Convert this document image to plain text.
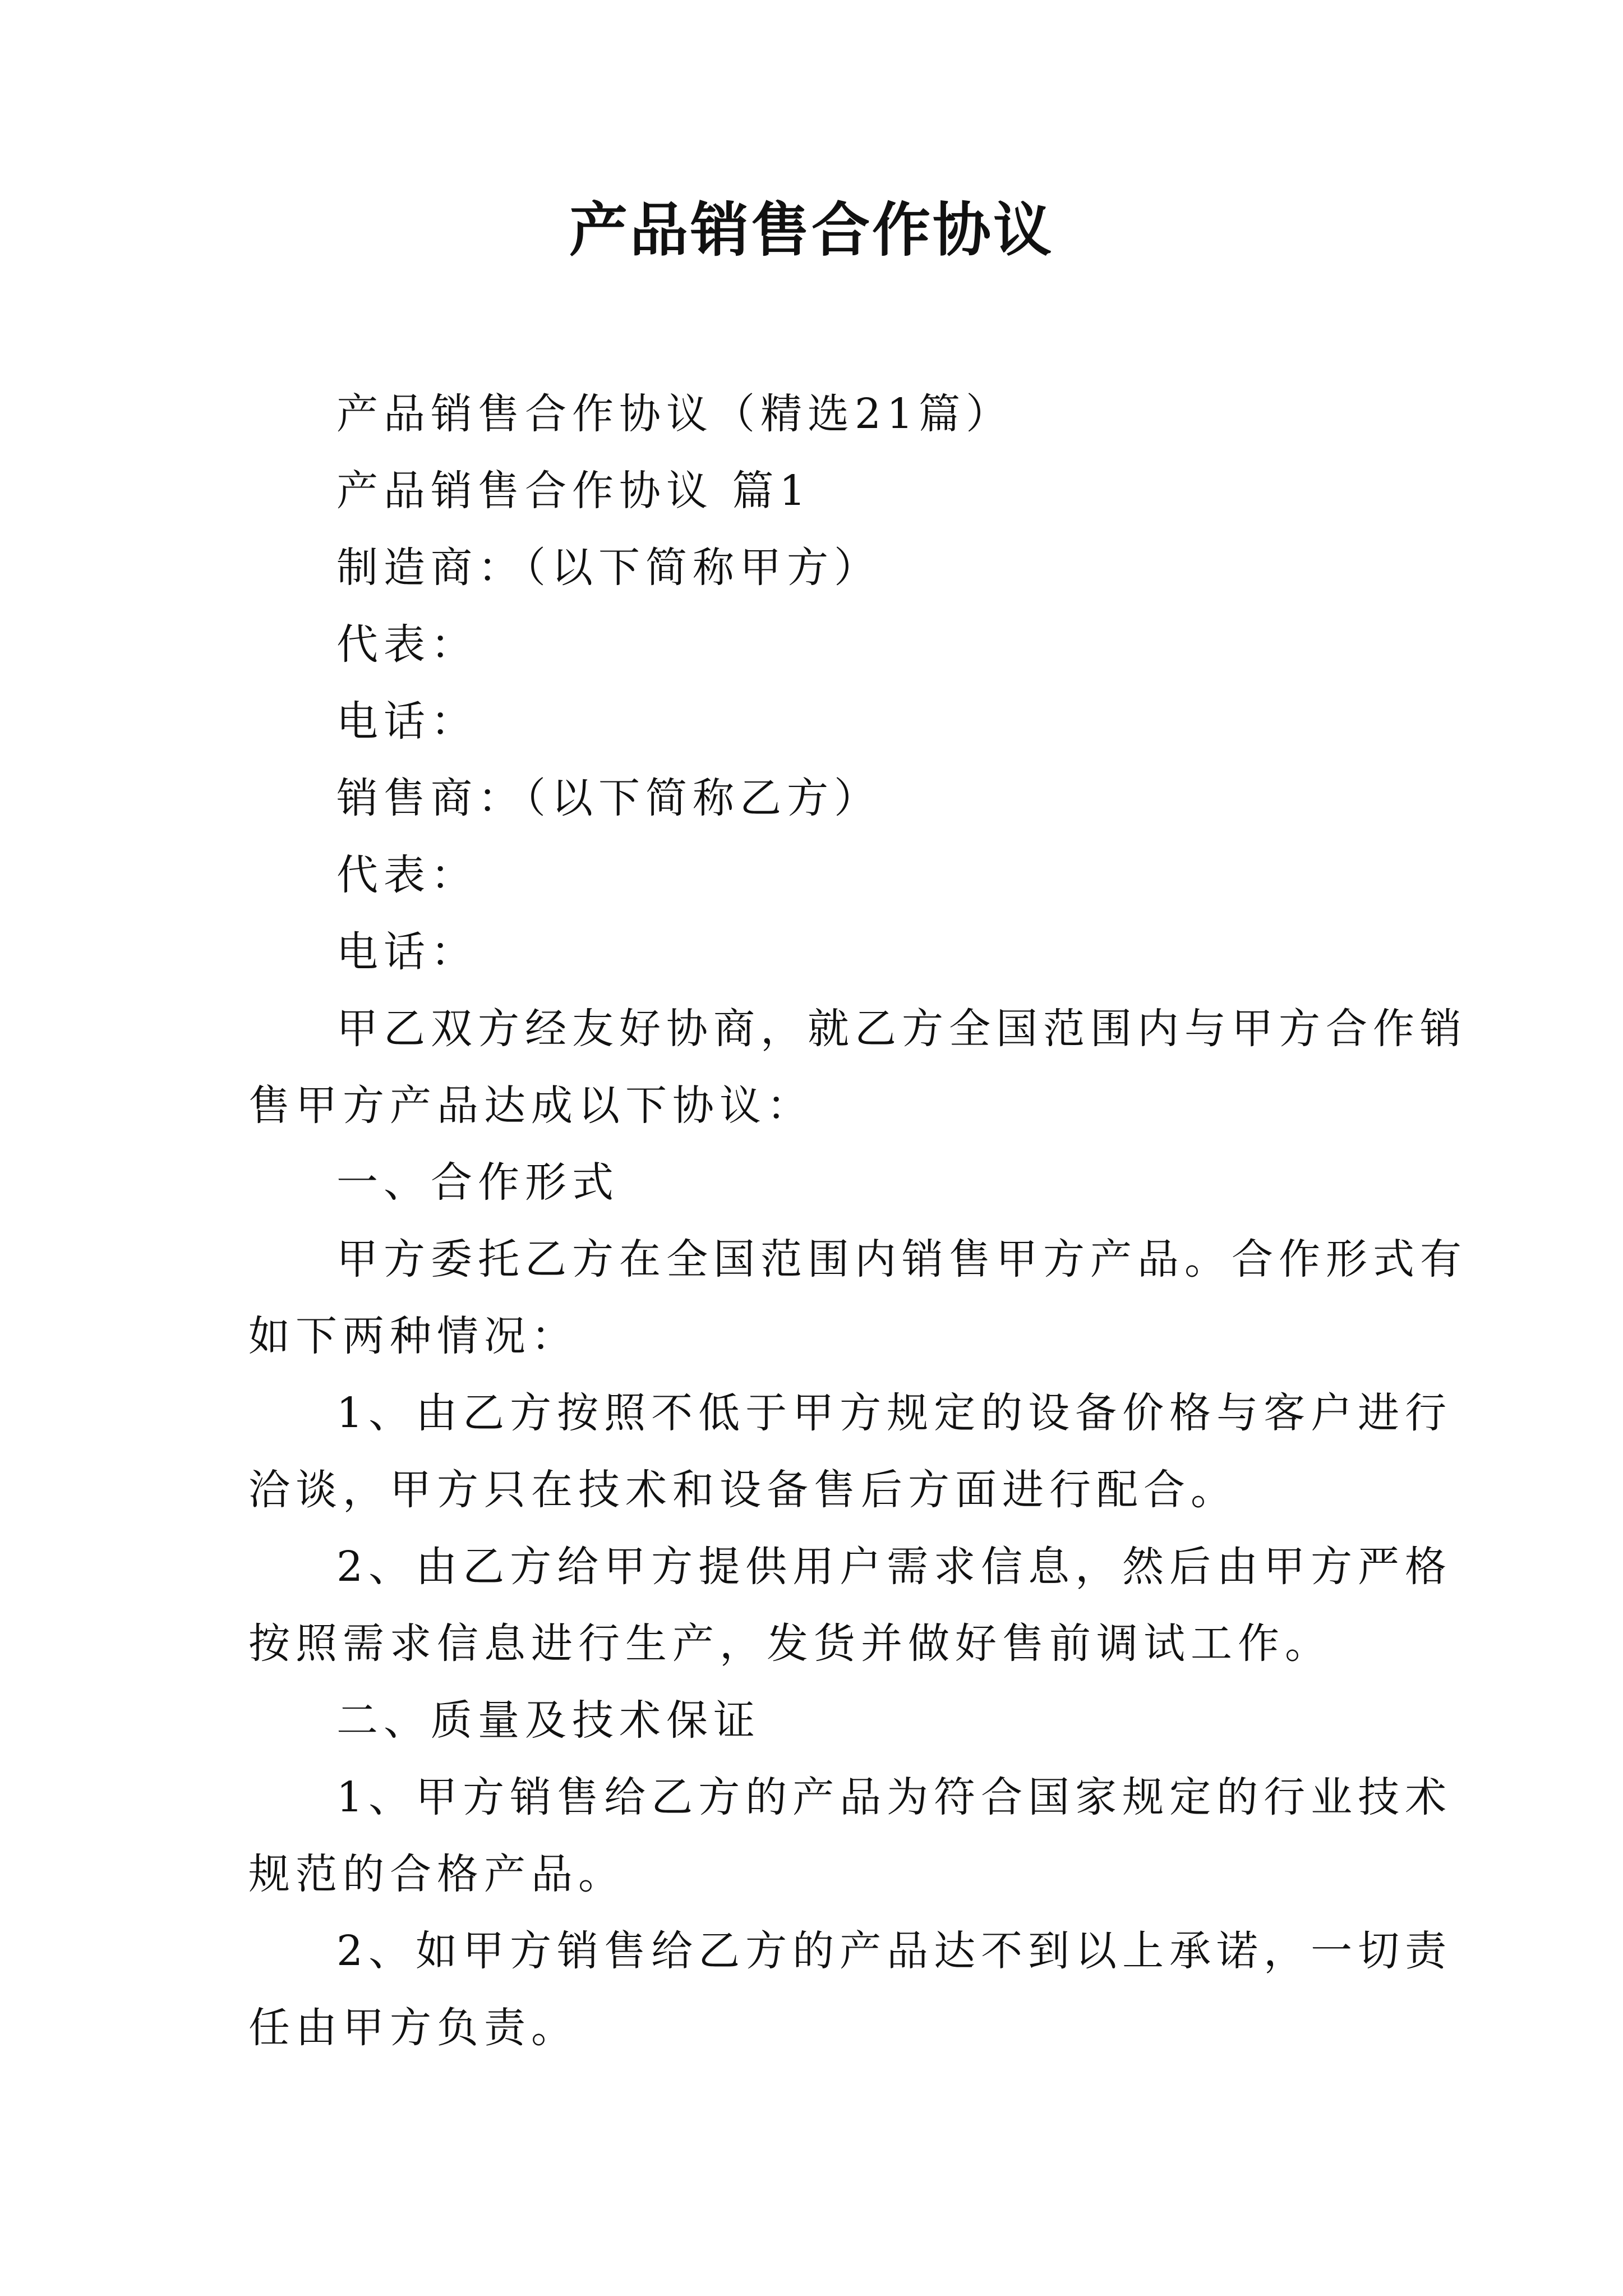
产品销售合作协议
产品销售合作协议（精选21篇）
产品销售合作协议 篇1
制造商：（以下简称甲方）
代表：
电话：
销售商：（以下简称乙方）
代表：
电话：
甲乙双方经友好协商，就乙方全国范围内与甲方合作销
售甲方产品达成以下协议：
一、合作形式
甲方委托乙方在全国范围内销售甲方产品。合作形式有
如下两种情况：
1、由乙方按照不低于甲方规定的设备价格与客户进行
洽谈，甲方只在技术和设备售后方面进行配合。
2、由乙方给甲方提供用户需求信息，然后由甲方严格
按照需求信息进行生产，发货并做好售前调试工作。
二、质量及技术保证
1、甲方销售给乙方的产品为符合国家规定的行业技术
规范的合格产品。
2、如甲方销售给乙方的产品达不到以上承诺，一切责
任由甲方负责。
